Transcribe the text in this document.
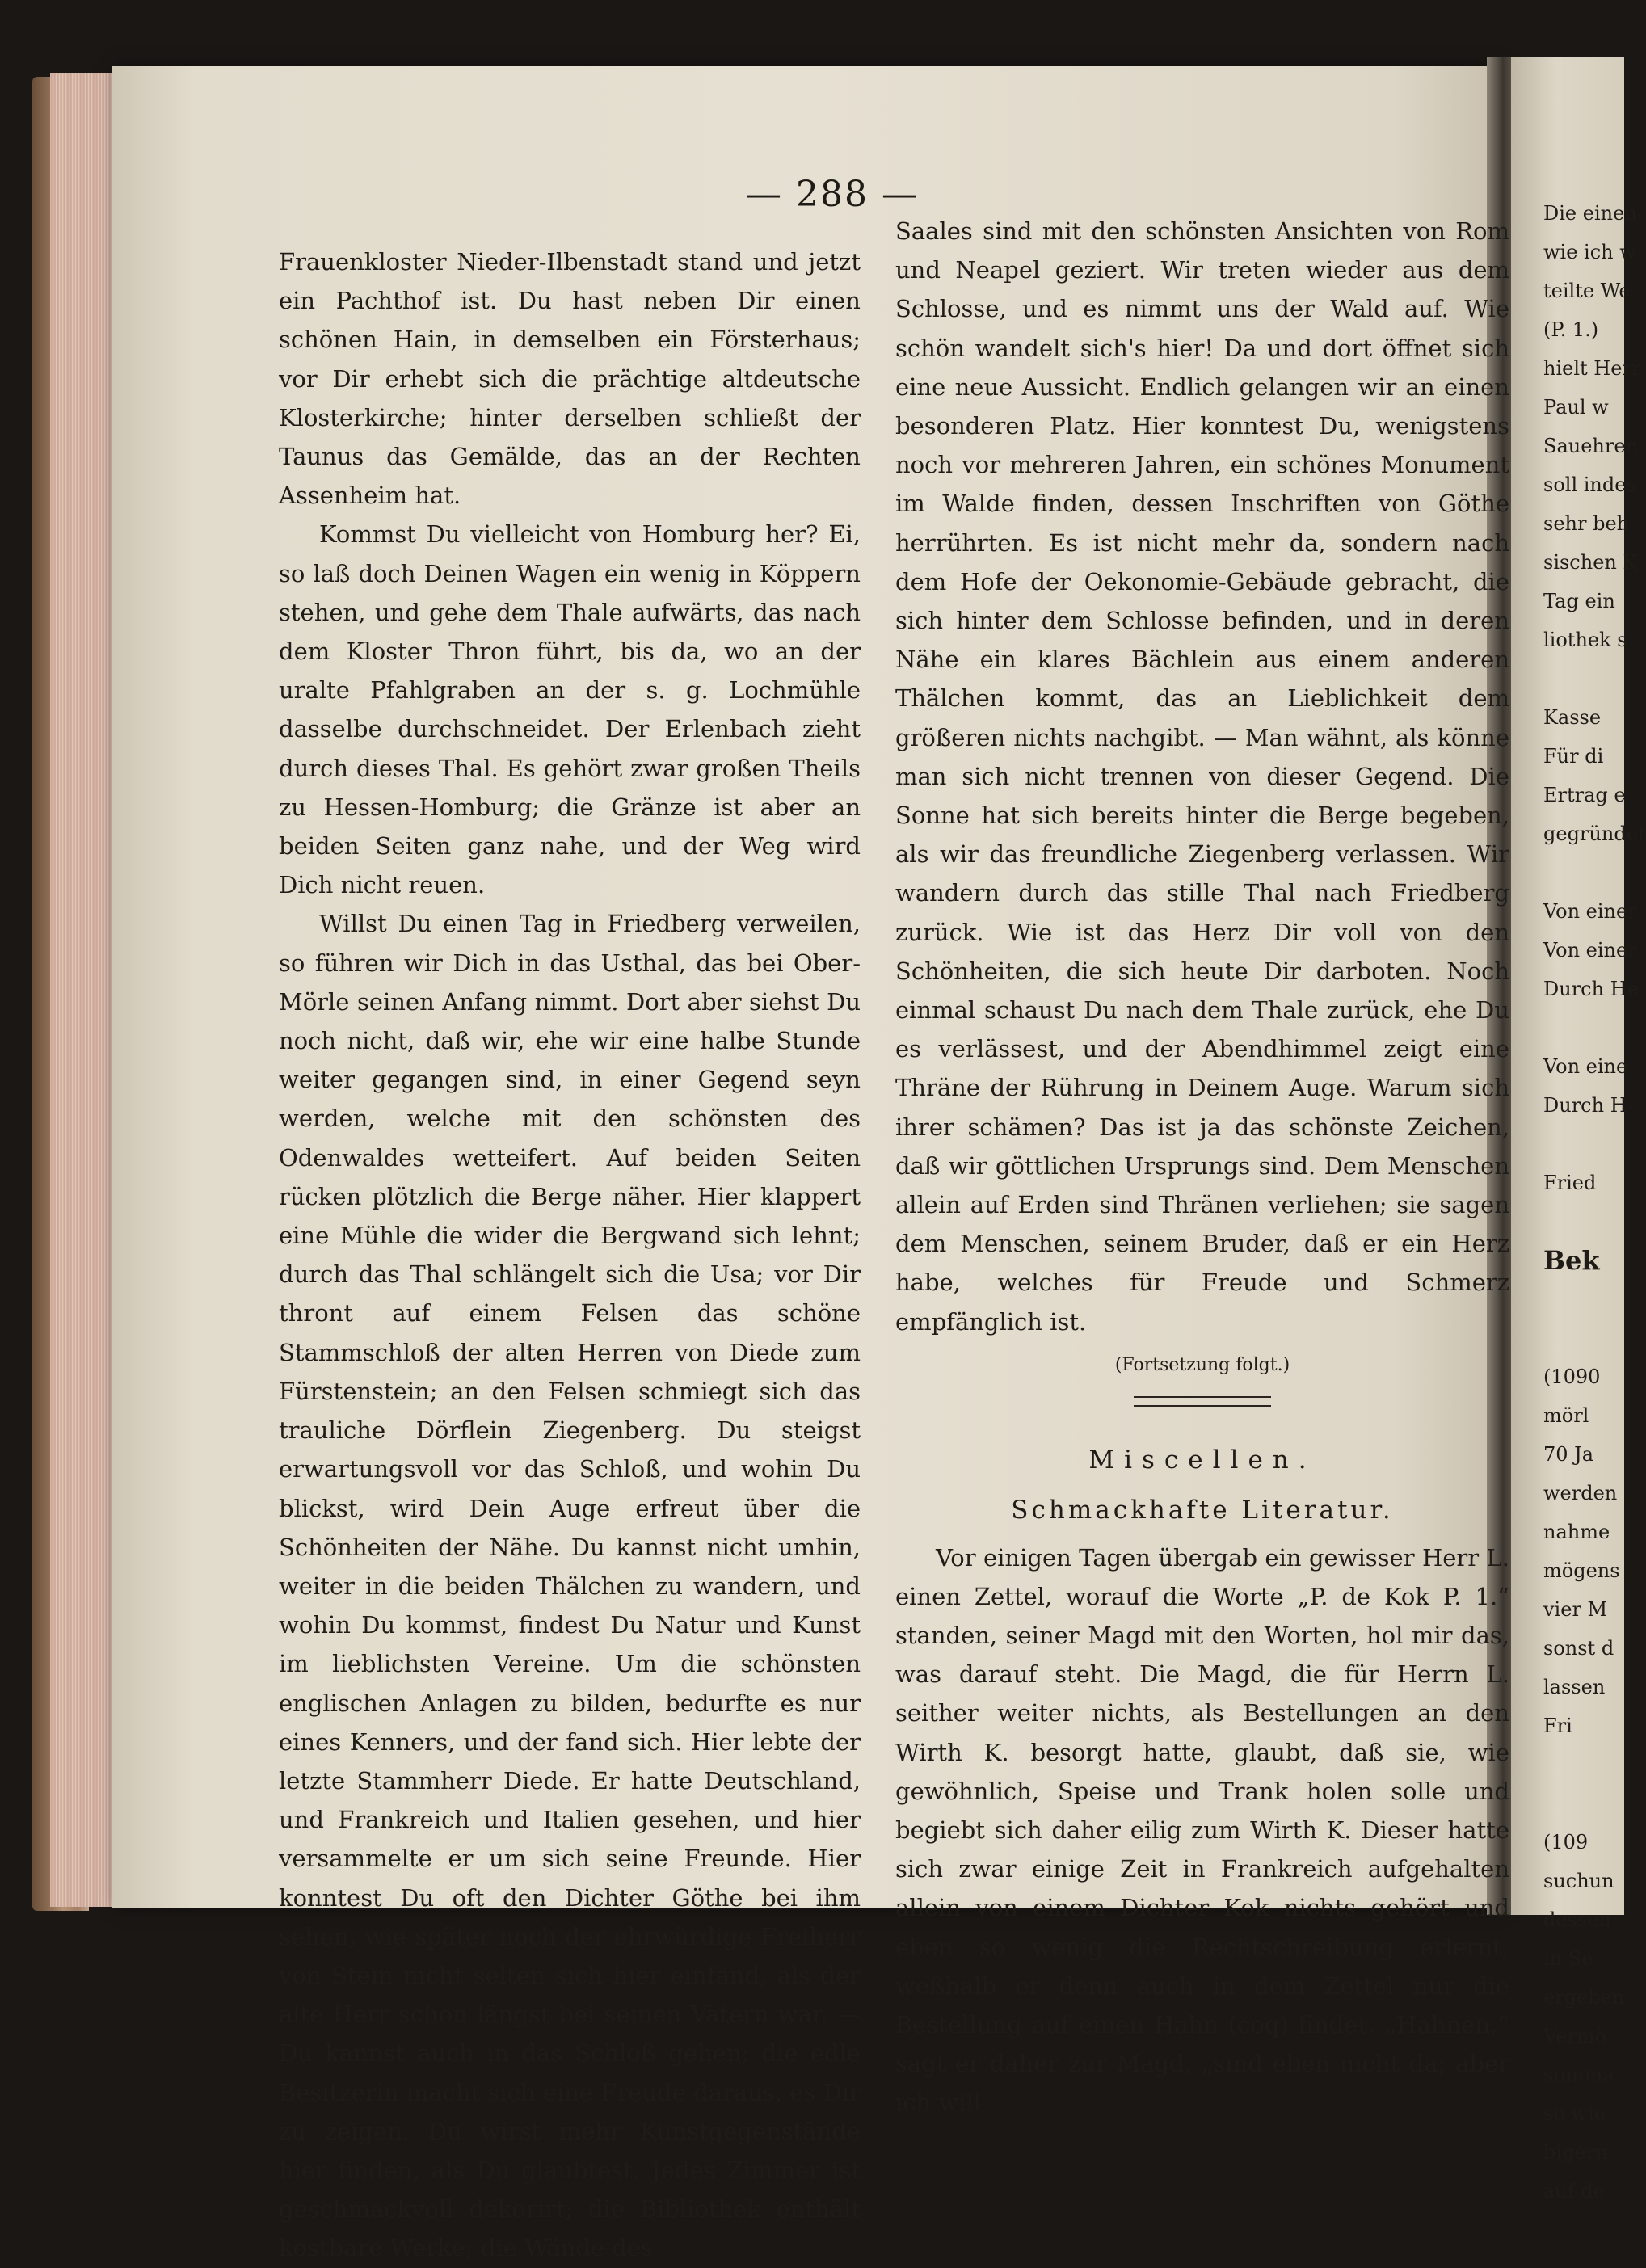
— 288 —

Frauenkloster Nieder-Ilbenstadt stand und jetzt ein Pachthof ist. Du hast neben Dir einen schönen Hain, in demselben ein Försterhaus; vor Dir erhebt sich die prächtige altdeutsche Klosterkirche; hinter derselben schließt der Taunus das Gemälde, das an der Rechten Assenheim hat.

Kommst Du vielleicht von Homburg her? Ei, so laß doch Deinen Wagen ein wenig in Köppern stehen, und gehe dem Thale aufwärts, das nach dem Kloster Thron führt, bis da, wo an der uralte Pfahlgraben an der s. g. Lochmühle dasselbe durchschneidet. Der Erlenbach zieht durch dieses Thal. Es gehört zwar großen Theils zu Hessen-Homburg; die Gränze ist aber an beiden Seiten ganz nahe, und der Weg wird Dich nicht reuen.

Willst Du einen Tag in Friedberg verweilen, so führen wir Dich in das Usthal, das bei Ober-Mörle seinen Anfang nimmt. Dort aber siehst Du noch nicht, daß wir, ehe wir eine halbe Stunde weiter gegangen sind, in einer Gegend seyn werden, welche mit den schönsten des Odenwaldes wetteifert. Auf beiden Seiten rücken plötzlich die Berge näher. Hier klappert eine Mühle die wider die Bergwand sich lehnt; durch das Thal schlängelt sich die Usa; vor Dir thront auf einem Felsen das schöne Stammschloß der alten Herren von Diede zum Fürstenstein; an den Felsen schmiegt sich das trauliche Dörflein Ziegenberg. Du steigst erwartungsvoll vor das Schloß, und wohin Du blickst, wird Dein Auge erfreut über die Schönheiten der Nähe. Du kannst nicht umhin, weiter in die beiden Thälchen zu wandern, und wohin Du kommst, findest Du Natur und Kunst im lieblichsten Vereine. Um die schönsten englischen Anlagen zu bilden, bedurfte es nur eines Kenners, und der fand sich. Hier lebte der letzte Stammherr Diede. Er hatte Deutschland, und Frankreich und Italien gesehen, und hier versammelte er um sich seine Freunde. Hier konntest Du oft den Dichter Göthe bei ihm sehen, wie später noch der ehrwürdige Freiherr von Stein nicht selten sich hier einfand, als der alte Herr schon längst bei seinen Vätern war. — Du kannst auch in das Schloß gehen; die edle Besitzerin macht sich eine Freude daraus, es Dir zu zeigen. Du wirst mehr Kunstgegenstände hier finden, als Du glaubtest. Jedes Zimmer ist geschmackvoll dekorirt; die Bibliothek enthält kostbare Werke; die Wände des

Saales sind mit den schönsten Ansichten von Rom und Neapel geziert. Wir treten wieder aus dem Schlosse, und es nimmt uns der Wald auf. Wie schön wandelt sich's hier! Da und dort öffnet sich eine neue Aussicht. Endlich gelangen wir an einen besonderen Platz. Hier konntest Du, wenigstens noch vor mehreren Jahren, ein schönes Monument im Walde finden, dessen Inschriften von Göthe herrührten. Es ist nicht mehr da, sondern nach dem Hofe der Oekonomie-Gebäude gebracht, die sich hinter dem Schlosse befinden, und in deren Nähe ein klares Bächlein aus einem anderen Thälchen kommt, das an Lieblichkeit dem größeren nichts nachgibt. — Man wähnt, als könne man sich nicht trennen von dieser Gegend. Die Sonne hat sich bereits hinter die Berge begeben, als wir das freundliche Ziegenberg verlassen. Wir wandern durch das stille Thal nach Friedberg zurück. Wie ist das Herz Dir voll von den Schönheiten, die sich heute Dir darboten. Noch einmal schaust Du nach dem Thale zurück, ehe Du es verlässest, und der Abendhimmel zeigt eine Thräne der Rührung in Deinem Auge. Warum sich ihrer schämen? Das ist ja das schönste Zeichen, daß wir göttlichen Ursprungs sind. Dem Menschen allein auf Erden sind Thränen verliehen; sie sagen dem Menschen, seinem Bruder, daß er ein Herz habe, welches für Freude und Schmerz empfänglich ist.

(Fortsetzung folgt.)

Miscellen.

Schmackhafte Literatur.

Vor einigen Tagen übergab ein gewisser Herr L. einen Zettel, worauf die Worte „P. de Kok P. 1.“ standen, seiner Magd mit den Worten, hol mir das, was darauf steht. Die Magd, die für Herrn L. seither weiter nichts, als Bestellungen an den Wirth K. besorgt hatte, glaubt, daß sie, wie gewöhnlich, Speise und Trank holen solle und begiebt sich daher eilig zum Wirth K. Dieser hatte sich zwar einige Zeit in Frankreich aufgehalten allein von einem Dichter Kok nichts gehört und eben so wenig die Rechtschreibung erlernt, weßhalb er denn auch in dem Zettel nur die Bestellung auf einen Hahn (coq) findet. „Hahnen,“ sagt er daher zur Magd, „sind eben nicht da; aber ich will

Die einen
wie ich w
teilte We
(P. 1.)
hielt Herr
Paul w
Sauehren
soll indes
sehr beh
sischen K
Tag ein
liothek s
Kasse
Für di
Ertrag e
gegründet
Von einer
Von einer
Durch He
Von eine
Durch H
Fried
Bek
(1090
mörl
70 Ja
werden
nahme
mögens
vier M
sonst d
lassen
Fri
(109
suchun
dessen
in Se
ergeben
Vermö
summa
so wie
bigern
auf de
